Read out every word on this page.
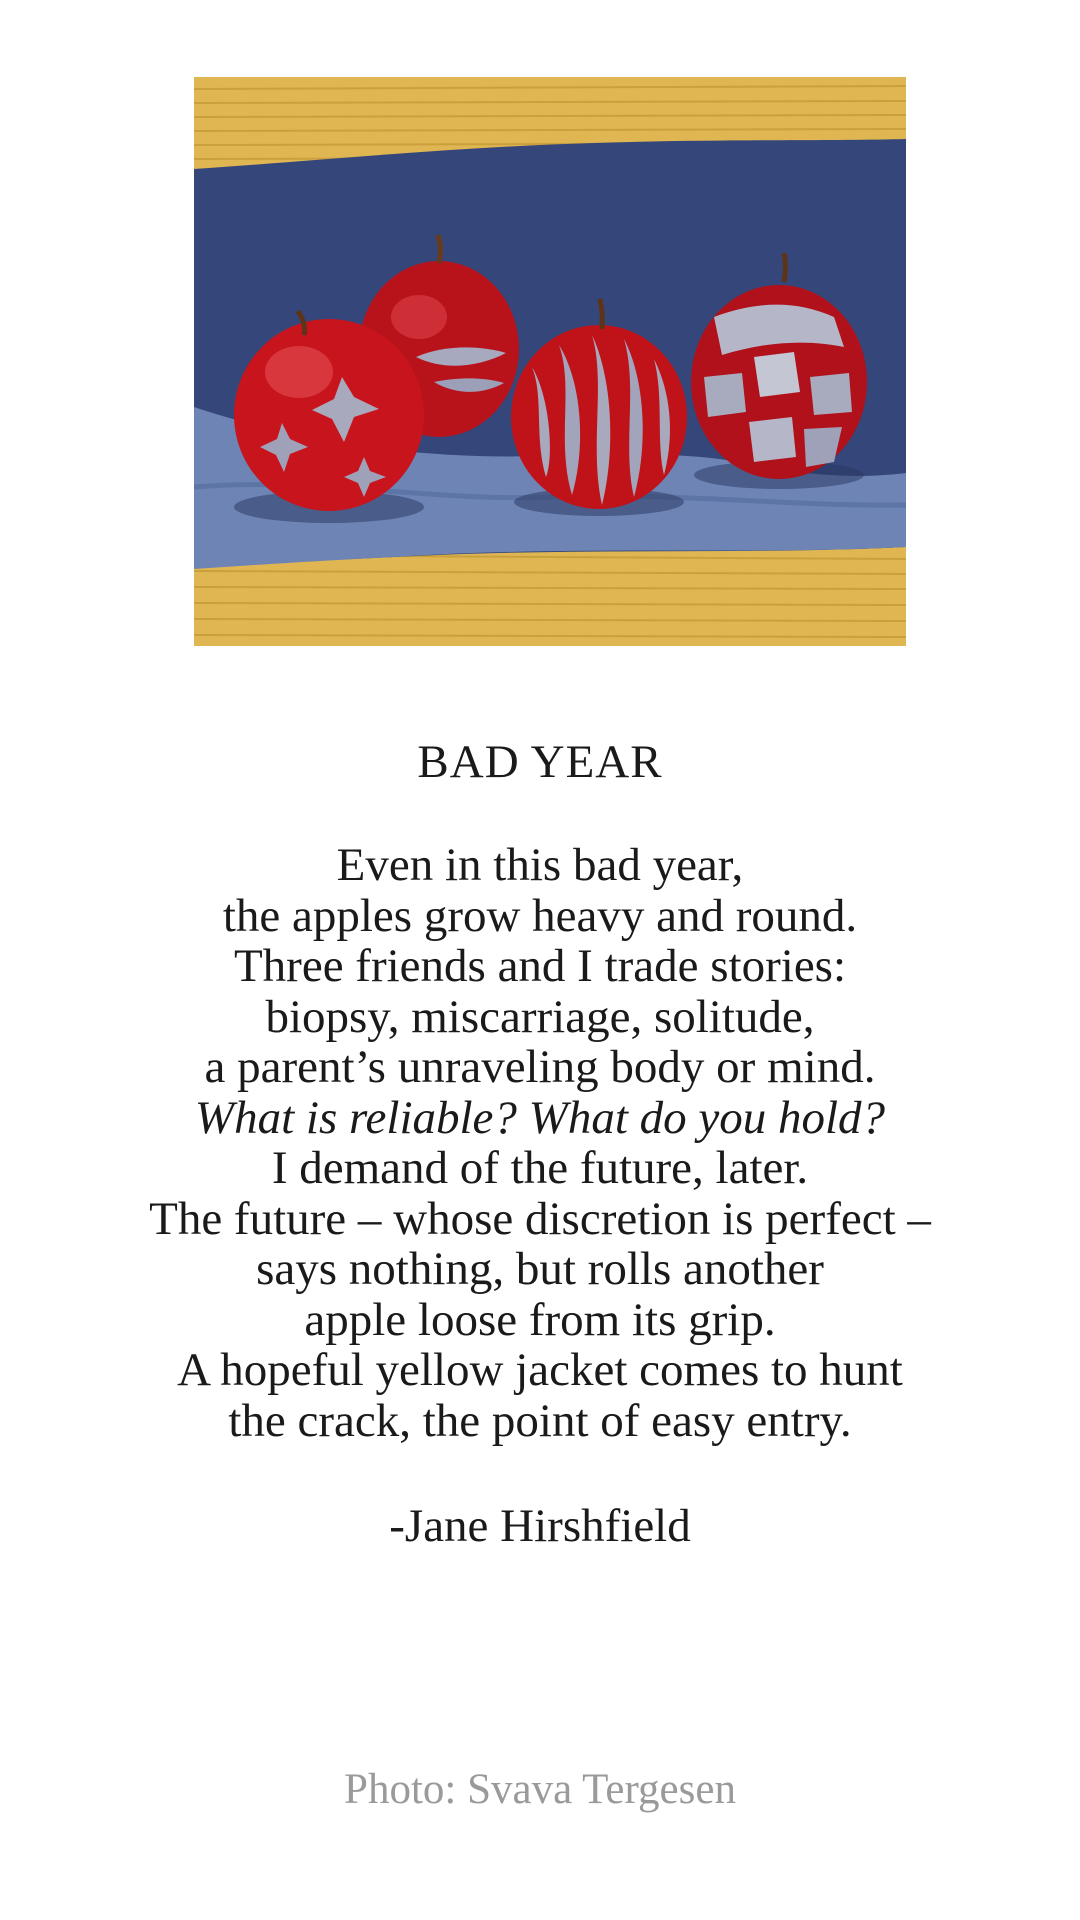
BAD YEAR
Even in this bad year,
the apples grow heavy and round.
Three friends and I trade stories:
biopsy, miscarriage, solitude,
a parent’s unraveling body or mind.
What is reliable? What do you hold?
I demand of the future, later.
The future – whose discretion is perfect –
says nothing, but rolls another
apple loose from its grip.
A hopeful yellow jacket comes to hunt
the crack, the point of easy entry.
-Jane Hirshfield
Photo: Svava Tergesen
